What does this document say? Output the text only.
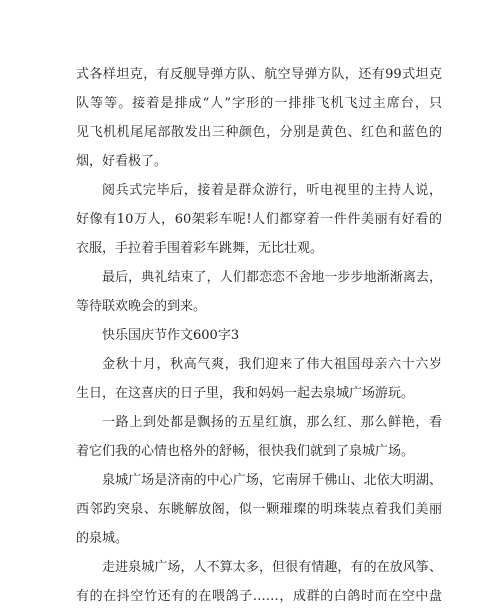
式各样坦克，有反舰导弹方队、航空导弹方队，还有99式坦克
队等等。接着是排成“人”字形的一排排飞机飞过主席台，只
见飞机机尾尾部散发出三种颜色，分别是黄色、红色和蓝色的
烟，好看极了。
阅兵式完毕后，接着是群众游行，听电视里的主持人说，
好像有10万人，60架彩车呢!人们都穿着一件件美丽有好看的
衣服，手拉着手围着彩车跳舞，无比壮观。
最后，典礼结束了，人们都恋恋不舍地一步步地渐渐离去，
等待联欢晚会的到来。
快乐国庆节作文600字3
金秋十月，秋高气爽，我们迎来了伟大祖国母亲六十六岁
生日，在这喜庆的日子里，我和妈妈一起去泉城广场游玩。
一路上到处都是飘扬的五星红旗，那么红、那么鲜艳，看
着它们我的心情也格外的舒畅，很快我们就到了泉城广场。
泉城广场是济南的中心广场，它南屏千佛山、北依大明湖、
西邻趵突泉、东眺解放阁，似一颗璀璨的明珠装点着我们美丽
的泉城。
走进泉城广场，人不算太多，但很有情趣，有的在放风筝、
有的在抖空竹还有的在喂鸽子……，成群的白鸽时而在空中盘
